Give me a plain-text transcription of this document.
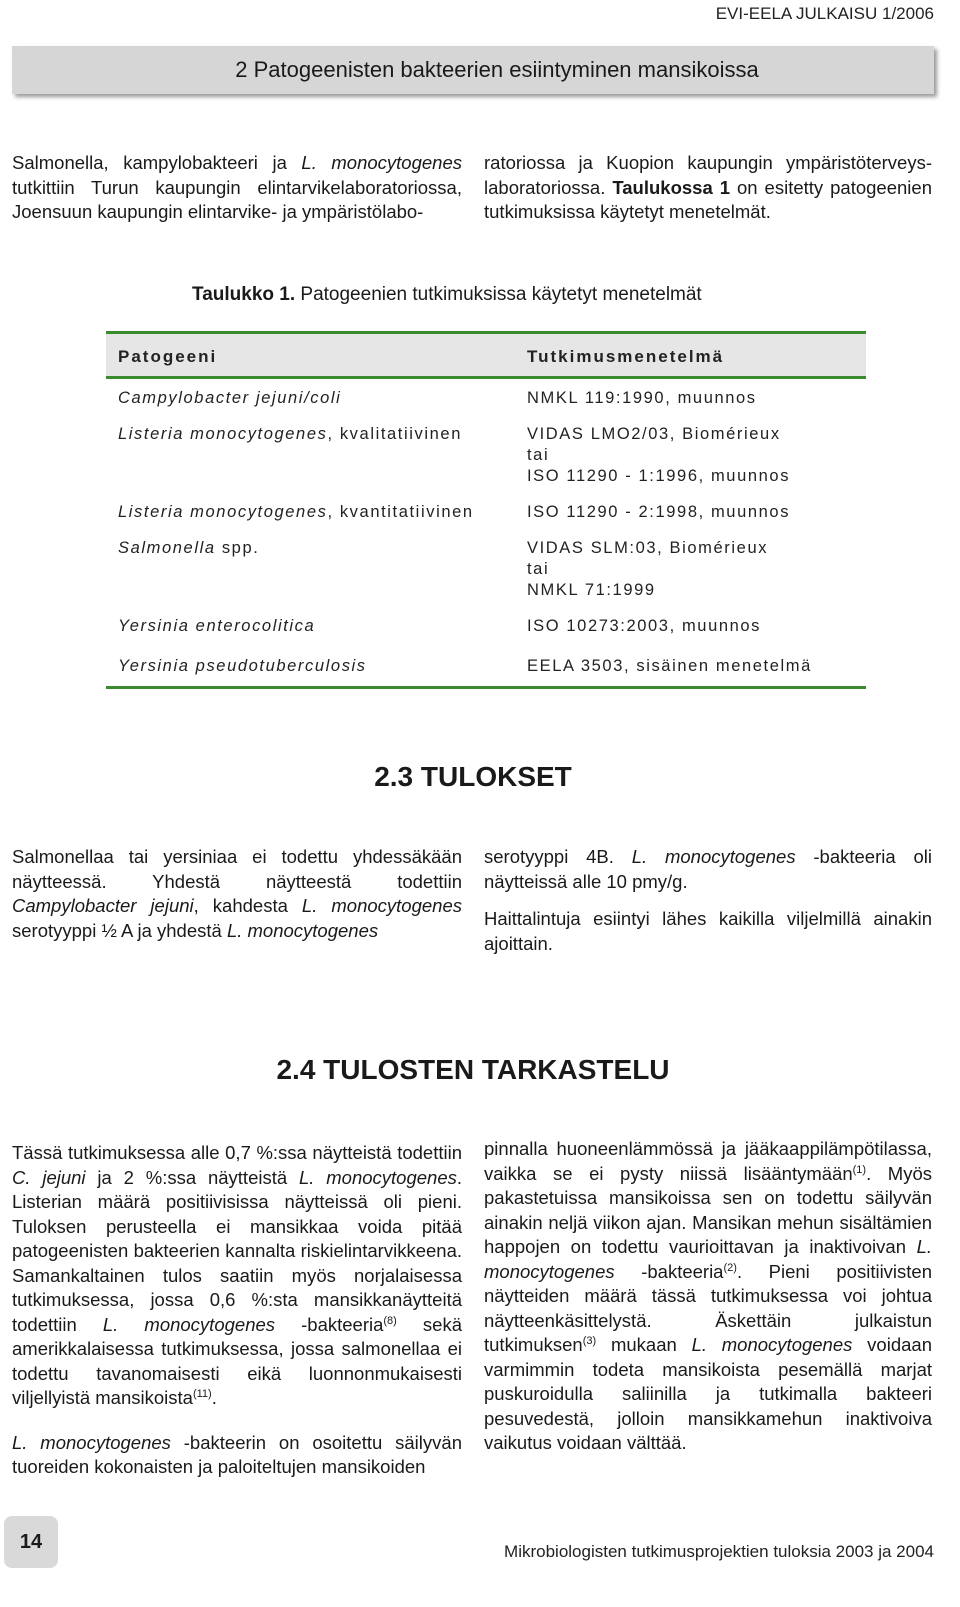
EVI-EELA JULKAISU 1/2006
2 Patogeenisten bakteerien esiintyminen mansikoissa
Salmonella, kampylobakteeri ja L. monocytogenes tutkittiin Turun kaupungin elintarvikelaboratoriossa, Joensuun kaupungin elintarvike- ja ympäristölabo-
ratoriossa ja Kuopion kaupungin ympäristöterveys-laboratoriossa. Taulukossa 1 on esitetty patogeenien tutkimuksissa käytetyt menetelmät.
Taulukko 1. Patogeenien tutkimuksissa käytetyt menetelmät
Patogeeni	Tutkimusmenetelmä
Campylobacter jejuni/coli	NMKL 119:1990, muunnos
Listeria monocytogenes, kvalitatiivinen	VIDAS LMO2/03, Biomérieux
tai
ISO 11290 - 1:1996, muunnos
Listeria monocytogenes, kvantitatiivinen	ISO 11290 - 2:1998, muunnos
Salmonella spp.	VIDAS SLM:03, Biomérieux
tai
NMKL 71:1999
Yersinia enterocolitica	ISO 10273:2003, muunnos
Yersinia pseudotuberculosis	EELA 3503, sisäinen menetelmä
2.3 TULOKSET
Salmonellaa tai yersiniaa ei todettu yhdessäkään näytteessä. Yhdestä näytteestä todettiin Campylobacter jejuni, kahdesta L. monocytogenes serotyyppi ½ A ja yhdestä L. monocytogenes
serotyyppi 4B. L. monocytogenes -bakteeria oli näytteissä alle 10 pmy/g.
Haittalintuja esiintyi lähes kaikilla viljelmillä ainakin ajoittain.
2.4 TULOSTEN TARKASTELU
Tässä tutkimuksessa alle 0,7 %:ssa näytteistä todettiin C. jejuni ja 2 %:ssa näytteistä L. monocytogenes. Listerian määrä positiivisissa näytteissä oli pieni. Tuloksen perusteella ei mansikkaa voida pitää patogeenisten bakteerien kannalta riskielintarvikkeena. Samankaltainen tulos saatiin myös norjalaisessa tutkimuksessa, jossa 0,6 %:sta mansikkanäytteitä todettiin L. monocytogenes -bakteeria$^{(8)}$ sekä amerikkalaisessa tutkimuksessa, jossa salmonellaa ei todettu tavanomaisesti eikä luonnonmukaisesti viljellyistä mansikoista$^{(11)}$.
L. monocytogenes -bakteerin on osoitettu säilyvän tuoreiden kokonaisten ja paloiteltujen mansikoiden
pinnalla huoneenlämmössä ja jääkaappilämpötilassa, vaikka se ei pysty niissä lisääntymään$^{(1)}$. Myös pakastetuissa mansikoissa sen on todettu säilyvän ainakin neljä viikon ajan. Mansikan mehun sisältämien happojen on todettu vaurioittavan ja inaktivoivan L. monocytogenes -bakteeria$^{(2)}$. Pieni positiivisten näytteiden määrä tässä tutkimuksessa voi johtua näytteenkäsittelystä. Äskettäin julkaistun tutkimuksen$^{(3)}$ mukaan L. monocytogenes voidaan varmimmin todeta mansikoista pesemällä marjat puskuroidulla saliinilla ja tutkimalla bakteeri pesuvedestä, jolloin mansikkamehun inaktivoiva vaikutus voidaan välttää.
14	Mikrobiologisten tutkimusprojektien tuloksia 2003 ja 2004
